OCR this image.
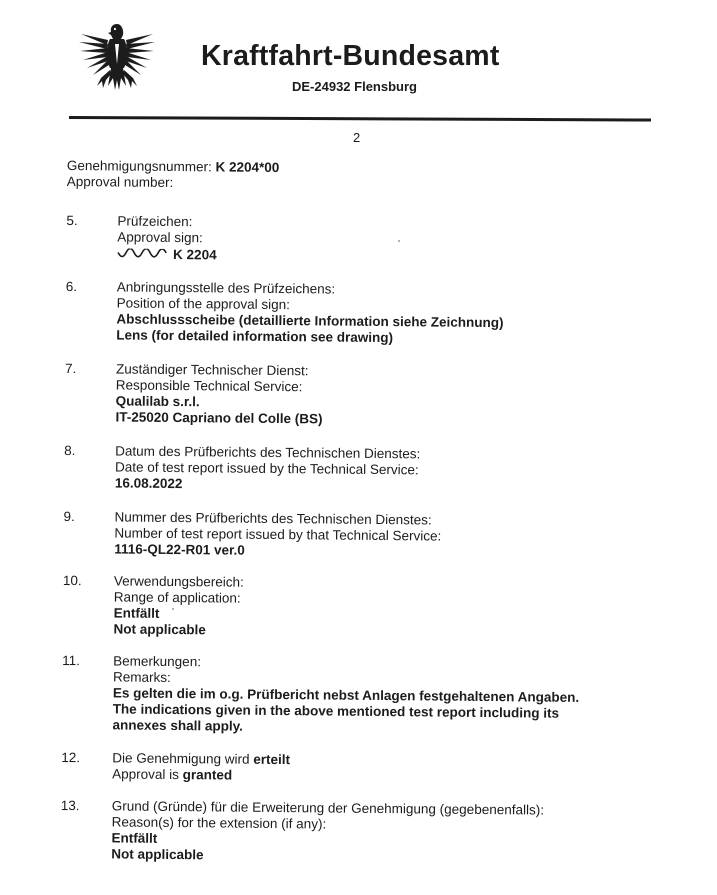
Kraftfahrt-Bundesamt
DE-24932 Flensburg
2
Genehmigungsnummer: K 2204*00
Approval number:
5.	Prüfzeichen:
Approval sign:
K 2204
6.	Anbringungsstelle des Prüfzeichens:
Position of the approval sign:
Abschlussscheibe (detaillierte Information siehe Zeichnung)
Lens (for detailed information see drawing)
7.	Zuständiger Technischer Dienst:
Responsible Technical Service:
Qualilab s.r.l.
IT-25020 Capriano del Colle (BS)
8.	Datum des Prüfberichts des Technischen Dienstes:
Date of test report issued by the Technical Service:
16.08.2022
9.	Nummer des Prüfberichts des Technischen Dienstes:
Number of test report issued by that Technical Service:
1116-QL22-R01 ver.0
10. Verwendungsbereich:
Range of application:
Entfällt
Not applicable
11. Bemerkungen:
Remarks:
Es gelten die im o.g. Prüfbericht nebst Anlagen festgehaltenen Angaben.
The indications given in the above mentioned test report including its
annexes shall apply.
12. Die Genehmigung wird erteilt
Approval is granted
13. Grund (Gründe) für die Erweiterung der Genehmigung (gegebenenfalls):
Reason(s) for the extension (if any):
Entfällt
Not applicable
